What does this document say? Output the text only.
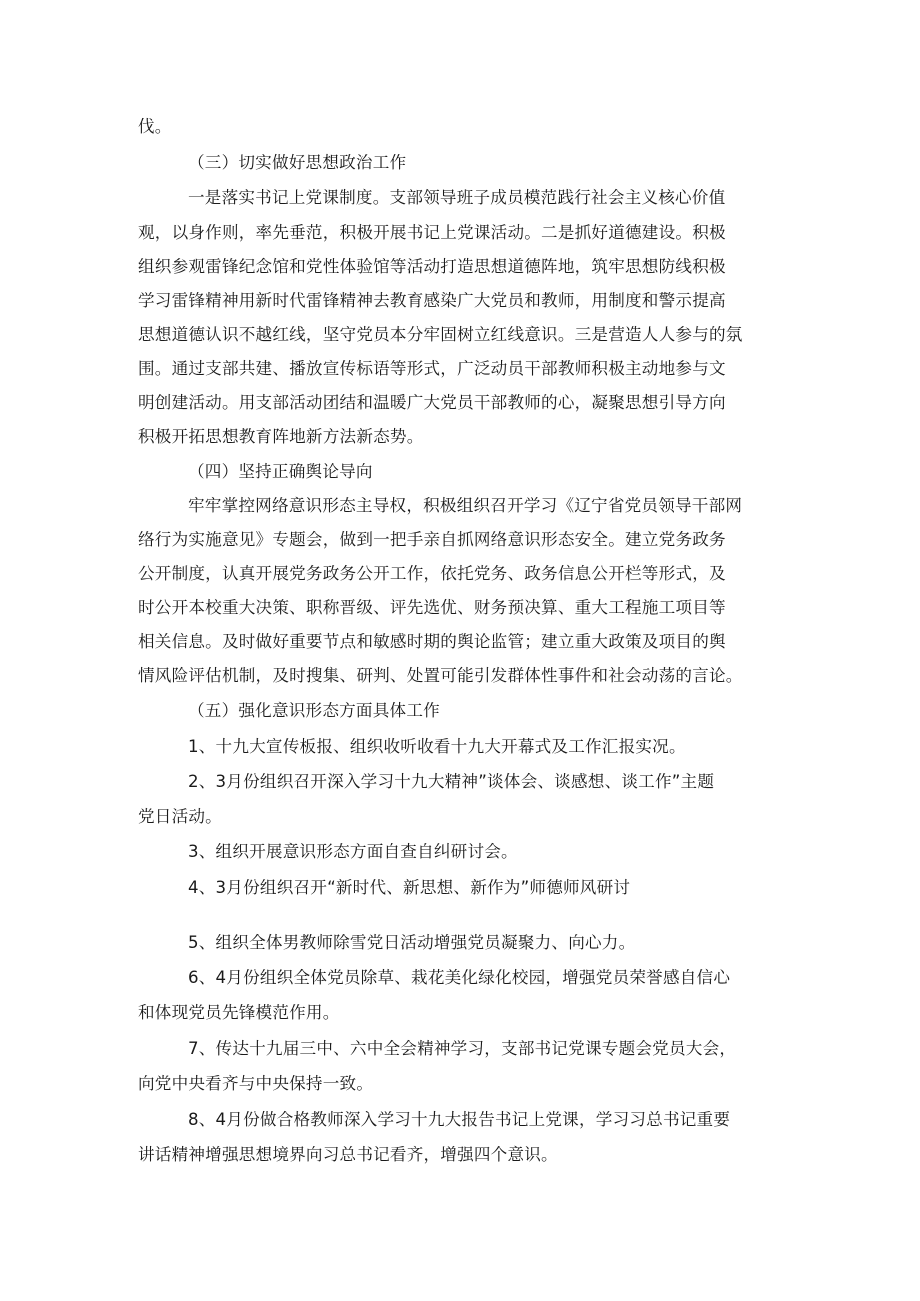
伐。

（三）切实做好思想政治工作

一是落实书记上党课制度。支部领导班子成员模范践行社会主义核心价值

观，以身作则，率先垂范，积极开展书记上党课活动。二是抓好道德建设。积极

组织参观雷锋纪念馆和党性体验馆等活动打造思想道德阵地，筑牢思想防线积极

学习雷锋精神用新时代雷锋精神去教育感染广大党员和教师，用制度和警示提高

思想道德认识不越红线，坚守党员本分牢固树立红线意识。三是营造人人参与的氛

围。通过支部共建、播放宣传标语等形式，广泛动员干部教师积极主动地参与文

明创建活动。用支部活动团结和温暖广大党员干部教师的心，凝聚思想引导方向

积极开拓思想教育阵地新方法新态势。

（四）坚持正确舆论导向

牢牢掌控网络意识形态主导权，积极组织召开学习《辽宁省党员领导干部网

络行为实施意见》专题会，做到一把手亲自抓网络意识形态安全。建立党务政务

公开制度，认真开展党务政务公开工作，依托党务、政务信息公开栏等形式，及

时公开本校重大决策、职称晋级、评先选优、财务预决算、重大工程施工项目等

相关信息。及时做好重要节点和敏感时期的舆论监管；建立重大政策及项目的舆

情风险评估机制，及时搜集、研判、处置可能引发群体性事件和社会动荡的言论。

（五）强化意识形态方面具体工作

1、十九大宣传板报、组织收听收看十九大开幕式及工作汇报实况。

2、3月份组织召开深入学习十九大精神”谈体会、谈感想、谈工作”主题

党日活动。

3、组织开展意识形态方面自查自纠研讨会。

4、3月份组织召开“新时代、新思想、新作为”师德师风研讨

5、组织全体男教师除雪党日活动增强党员凝聚力、向心力。

6、4月份组织全体党员除草、栽花美化绿化校园，增强党员荣誉感自信心

和体现党员先锋模范作用。

7、传达十九届三中、六中全会精神学习，支部书记党课专题会党员大会，

向党中央看齐与中央保持一致。

8、4月份做合格教师深入学习十九大报告书记上党课，学习习总书记重要

讲话精神增强思想境界向习总书记看齐，增强四个意识。
